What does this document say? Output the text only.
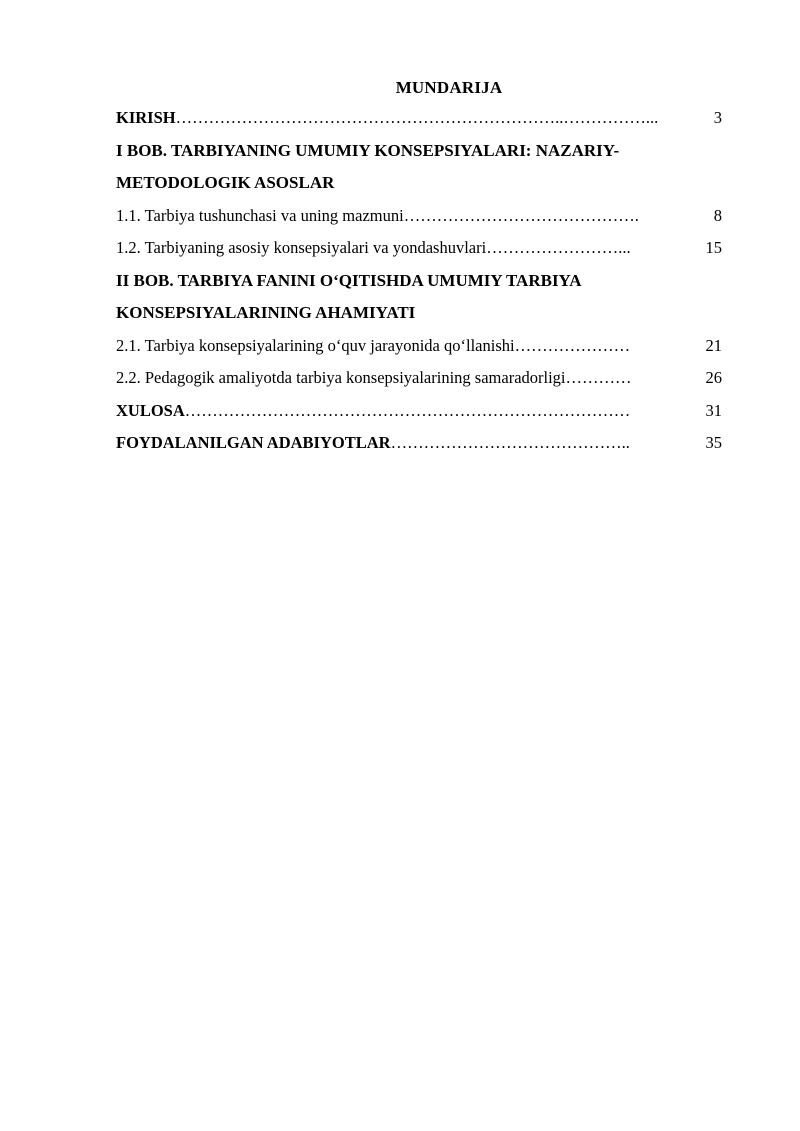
MUNDARIJA
KIRISH ……………………………………………………………..……………...	3
I BOB. TARBIYANING UMUMIY KONSEPSIYALARI: NAZARIY-
METODOLOGIK ASOSLAR
1.1. Tarbiya tushunchasi va uning mazmuni …………………………………….	8
1.2. Tarbiyaning asosiy konsepsiyalari va yondashuvlari ……………………...	15
II BOB. TARBIYA FANINI O‘QITISHDA UMUMIY TARBIYA
KONSEPSIYALARINING AHAMIYATI
2.1. Tarbiya konsepsiyalarining o‘quv jarayonida qo‘llanishi …………………	21
2.2. Pedagogik amaliyotda tarbiya konsepsiyalarining samaradorligi …………	26
XULOSA ………………………………………………………………………	31
FOYDALANILGAN ADABIYOTLAR ……………………………………..	35
